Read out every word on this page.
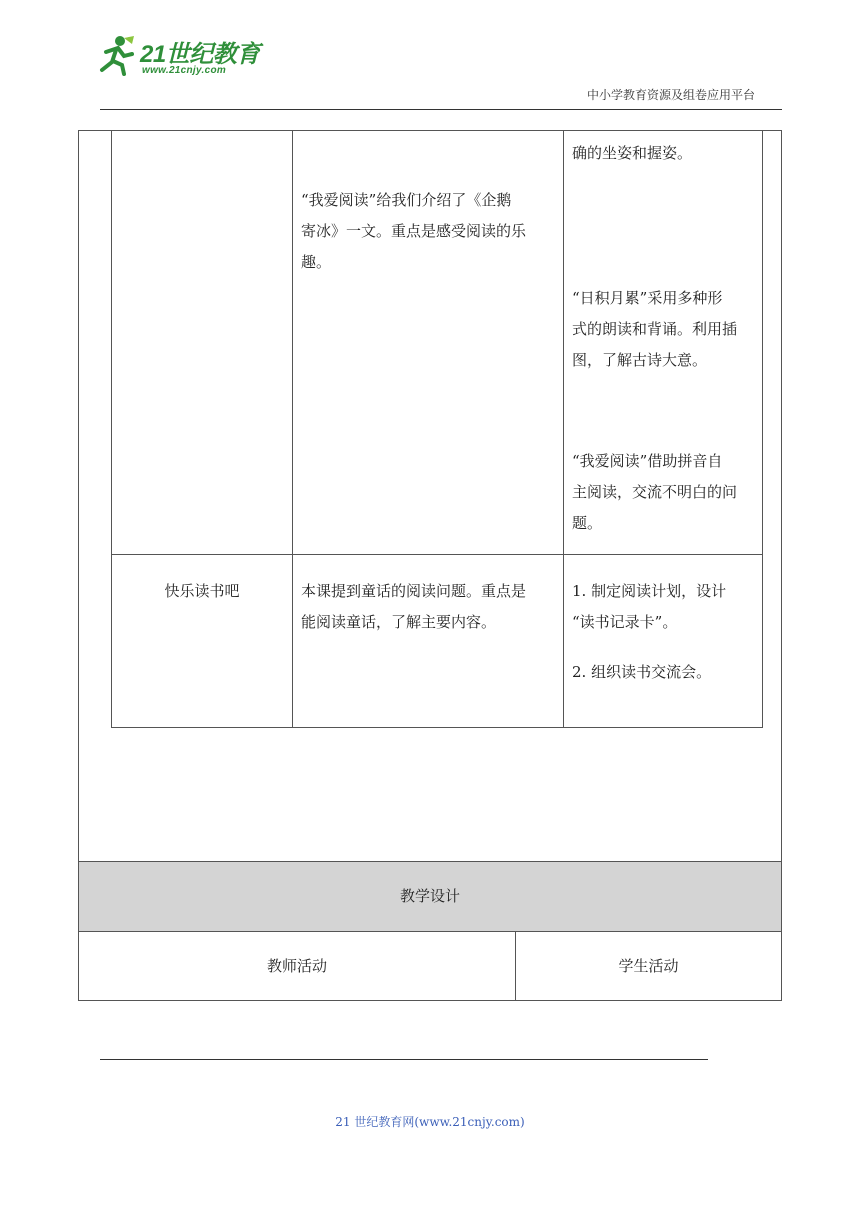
21世纪教育
www.21cnjy.com
中小学教育资源及组卷应用平台
确的坐姿和握姿。
“我爱阅读”给我们介绍了《企鹅
寄冰》一文。重点是感受阅读的乐
趣。
“日积月累”采用多种形
式的朗读和背诵。利用插
图，了解古诗大意。
“我爱阅读”借助拼音自
主阅读，交流不明白的问
题。
快乐读书吧	本课提到童话的阅读问题。重点是
能阅读童话，了解主要内容。
1. 制定阅读计划，设计
“读书记录卡”。
2. 组织读书交流会。
教学设计
教师活动	学生活动
21 世纪教育网(www.21cnjy.com)
